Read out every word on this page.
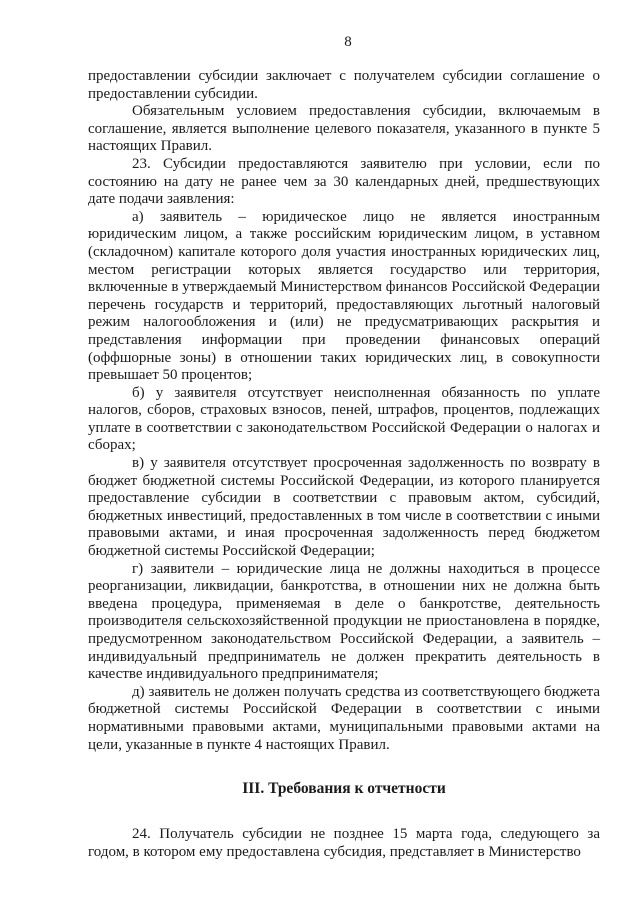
8

предоставлении субсидии заключает с получателем субсидии соглашение о предоставлении субсидии.

Обязательным условием предоставления субсидии, включаемым в соглашение, является выполнение целевого показателя, указанного в пункте 5 настоящих Правил.

23. Субсидии предоставляются заявителю при условии, если по состоянию на дату не ранее чем за 30 календарных дней, предшествующих дате подачи заявления:

а) заявитель – юридическое лицо не является иностранным юридическим лицом, а также российским юридическим лицом, в уставном (складочном) капитале которого доля участия иностранных юридических лиц, местом регистрации которых является государство или территория, включенные в утверждаемый Министерством финансов Российской Федерации перечень государств и территорий, предоставляющих льготный налоговый режим налогообложения и (или) не предусматривающих раскрытия и представления информации при проведении финансовых операций (оффшорные зоны) в отношении таких юридических лиц, в совокупности превышает 50 процентов;

б) у заявителя отсутствует неисполненная обязанность по уплате налогов, сборов, страховых взносов, пеней, штрафов, процентов, подлежащих уплате в соответствии с законодательством Российской Федерации о налогах и сборах;

в) у заявителя отсутствует просроченная задолженность по возврату в бюджет бюджетной системы Российской Федерации, из которого планируется предоставление субсидии в соответствии с правовым актом, субсидий, бюджетных инвестиций, предоставленных в том числе в соответствии с иными правовыми актами, и иная просроченная задолженность перед бюджетом бюджетной системы Российской Федерации;

г) заявители – юридические лица не должны находиться в процессе реорганизации, ликвидации, банкротства, в отношении них не должна быть введена процедура, применяемая в деле о банкротстве, деятельность производителя сельскохозяйственной продукции не приостановлена в порядке, предусмотренном законодательством Российской Федерации, а заявитель – индивидуальный предприниматель не должен прекратить деятельность в качестве индивидуального предпринимателя;

д) заявитель не должен получать средства из соответствующего бюджета бюджетной системы Российской Федерации в соответствии с иными нормативными правовыми актами, муниципальными правовыми актами на цели, указанные в пункте 4 настоящих Правил.

III. Требования к отчетности

24. Получатель субсидии не позднее 15 марта года, следующего за годом, в котором ему предоставлена субсидия, представляет в Министерство
